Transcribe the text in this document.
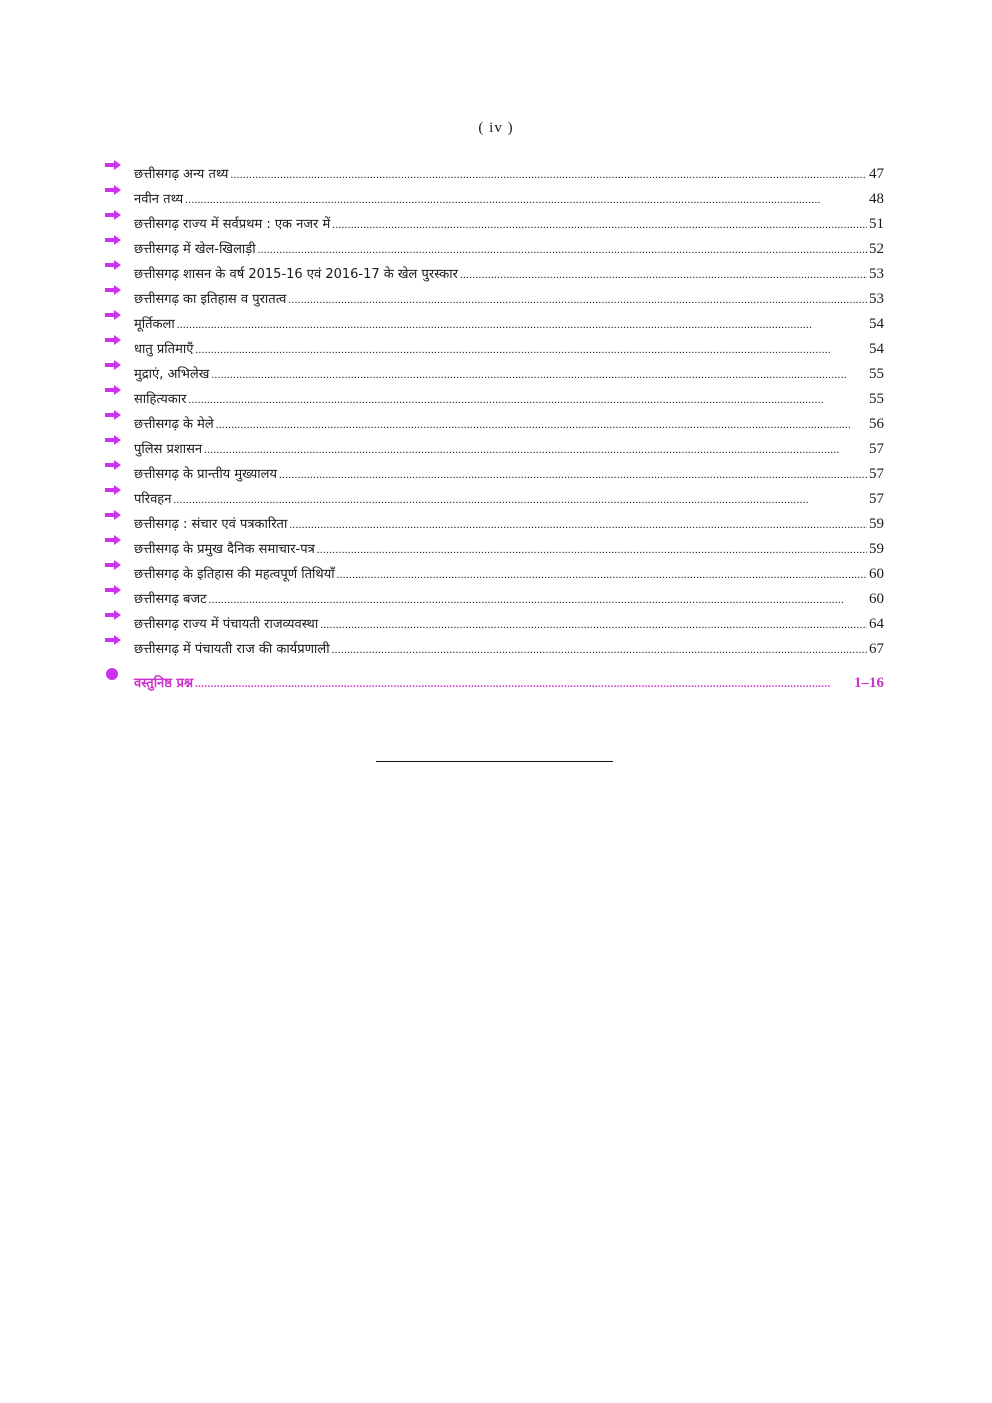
( iv )
छत्तीसगढ़ अन्य तथ्य . . .	47
नवीन तथ्य . . .	48
छत्तीसगढ़ राज्य में सर्वप्रथम : एक नजर में . . .	51
छत्तीसगढ़ में खेल-खिलाड़ी . . .	52
छत्तीसगढ़ शासन के वर्ष 2015-16 एवं 2016-17 के खेल पुरस्कार . . .	53
छत्तीसगढ़ का इतिहास व पुरातत्व . . .	53
मूर्तिकला . . .	54
धातु प्रतिमाएँ . . .	54
मुद्राएं, अभिलेख . . .	55
साहित्यकार . . .	55
छत्तीसगढ़ के मेले . . .	56
पुलिस प्रशासन . . .	57
छत्तीसगढ़ के प्रान्तीय मुख्यालय . . .	57
परिवहन . . .	57
छत्तीसगढ़ : संचार एवं पत्रकारिता . . .	59
छत्तीसगढ़ के प्रमुख दैनिक समाचार-पत्र . . .	59
छत्तीसगढ़ के इतिहास की महत्वपूर्ण तिथियाँ . . .	60
छत्तीसगढ़ बजट . . .	60
छत्तीसगढ़ राज्य में पंचायती राजव्यवस्था . . .	64
छत्तीसगढ़ में पंचायती राज की कार्यप्रणाली . . .	67
वस्तुनिष्ठ प्रश्न . . .	1–16
